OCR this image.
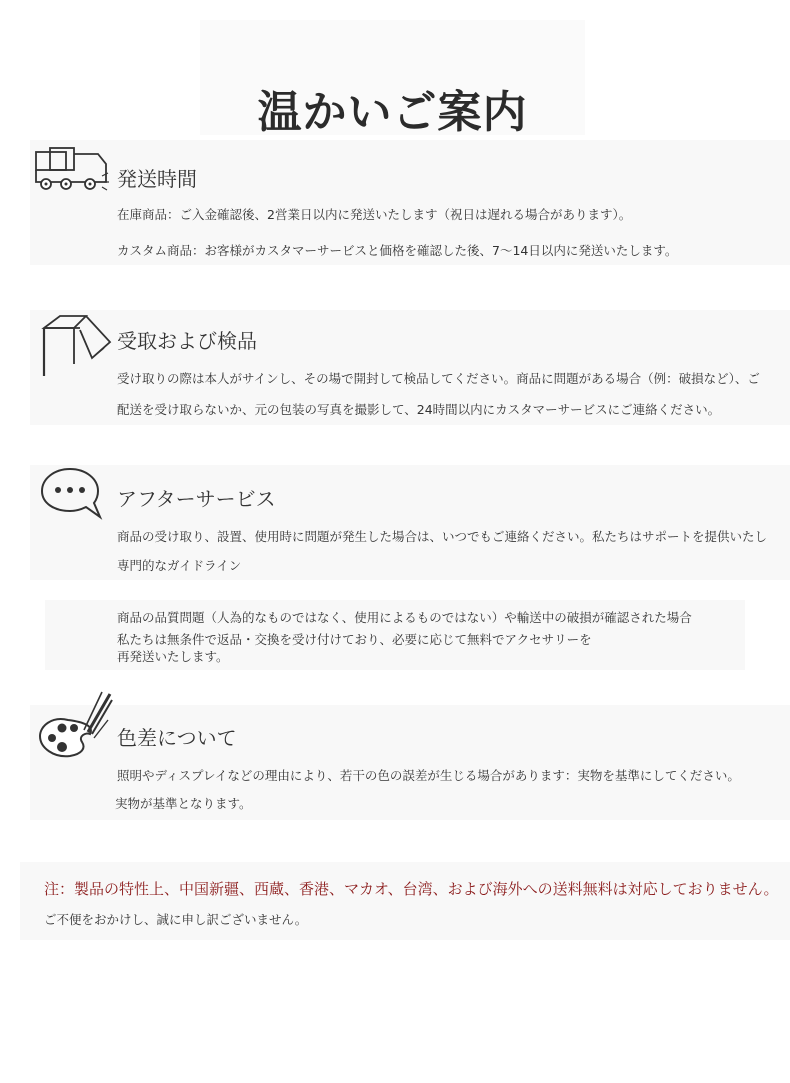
温かいご案内
発送時間
在庫商品：ご入金確認後、2営業日以内に発送いたします（祝日は遅れる場合があります）。
カスタム商品：お客様がカスタマーサービスと価格を確認した後、7～14日以内に発送いたします。
受取および検品
受け取りの際は本人がサインし、その場で開封して検品してください。商品に問題がある場合（例：破損など）、ご
配送を受け取らないか、元の包装の写真を撮影して、24時間以内にカスタマーサービスにご連絡ください。
アフターサービス
商品の受け取り、設置、使用時に問題が発生した場合は、いつでもご連絡ください。私たちはサポートを提供いたし
専門的なガイドライン
商品の品質問題（人為的なものではなく、使用によるものではない）や輸送中の破損が確認された場合
私たちは無条件で返品・交換を受け付けており、必要に応じて無料でアクセサリーを
再発送いたします。
色差について
照明やディスプレイなどの理由により、若干の色の誤差が生じる場合があります：実物を基準にしてください。
実物が基準となります。
注：製品の特性上、中国新疆、西蔵、香港、マカオ、台湾、および海外への送料無料は対応しておりません。
ご不便をおかけし、誠に申し訳ございません。
